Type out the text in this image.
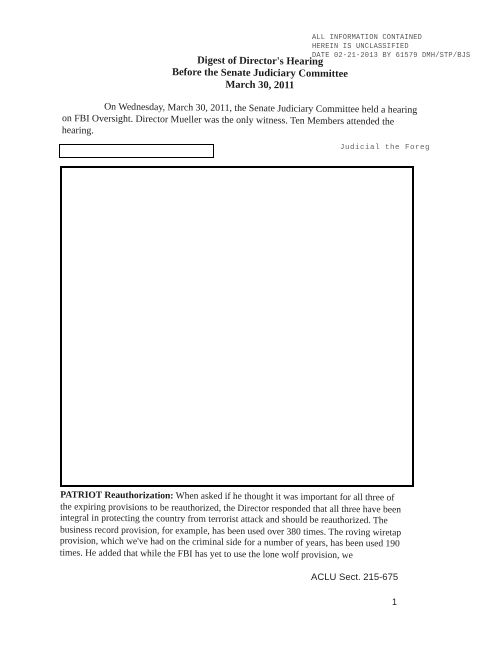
ALL INFORMATION CONTAINED
HEREIN IS UNCLASSIFIED
DATE 02-21-2013 BY 61579 DMH/STP/BJS
Digest of Director's Hearing
Before the Senate Judiciary Committee
March 30, 2011
On Wednesday, March 30, 2011, the Senate Judiciary Committee held a hearing on FBI Oversight. Director Mueller was the only witness. Ten Members attended the hearing.
Judicial the Foreg
PATRIOT Reauthorization: When asked if he thought it was important for all three of the expiring provisions to be reauthorized, the Director responded that all three have been integral in protecting the country from terrorist attack and should be reauthorized. The business record provision, for example, has been used over 380 times. The roving wiretap provision, which we've had on the criminal side for a number of years, has been used 190 times. He added that while the FBI has yet to use the lone wolf provision, we
ACLU Sect. 215-675
1
